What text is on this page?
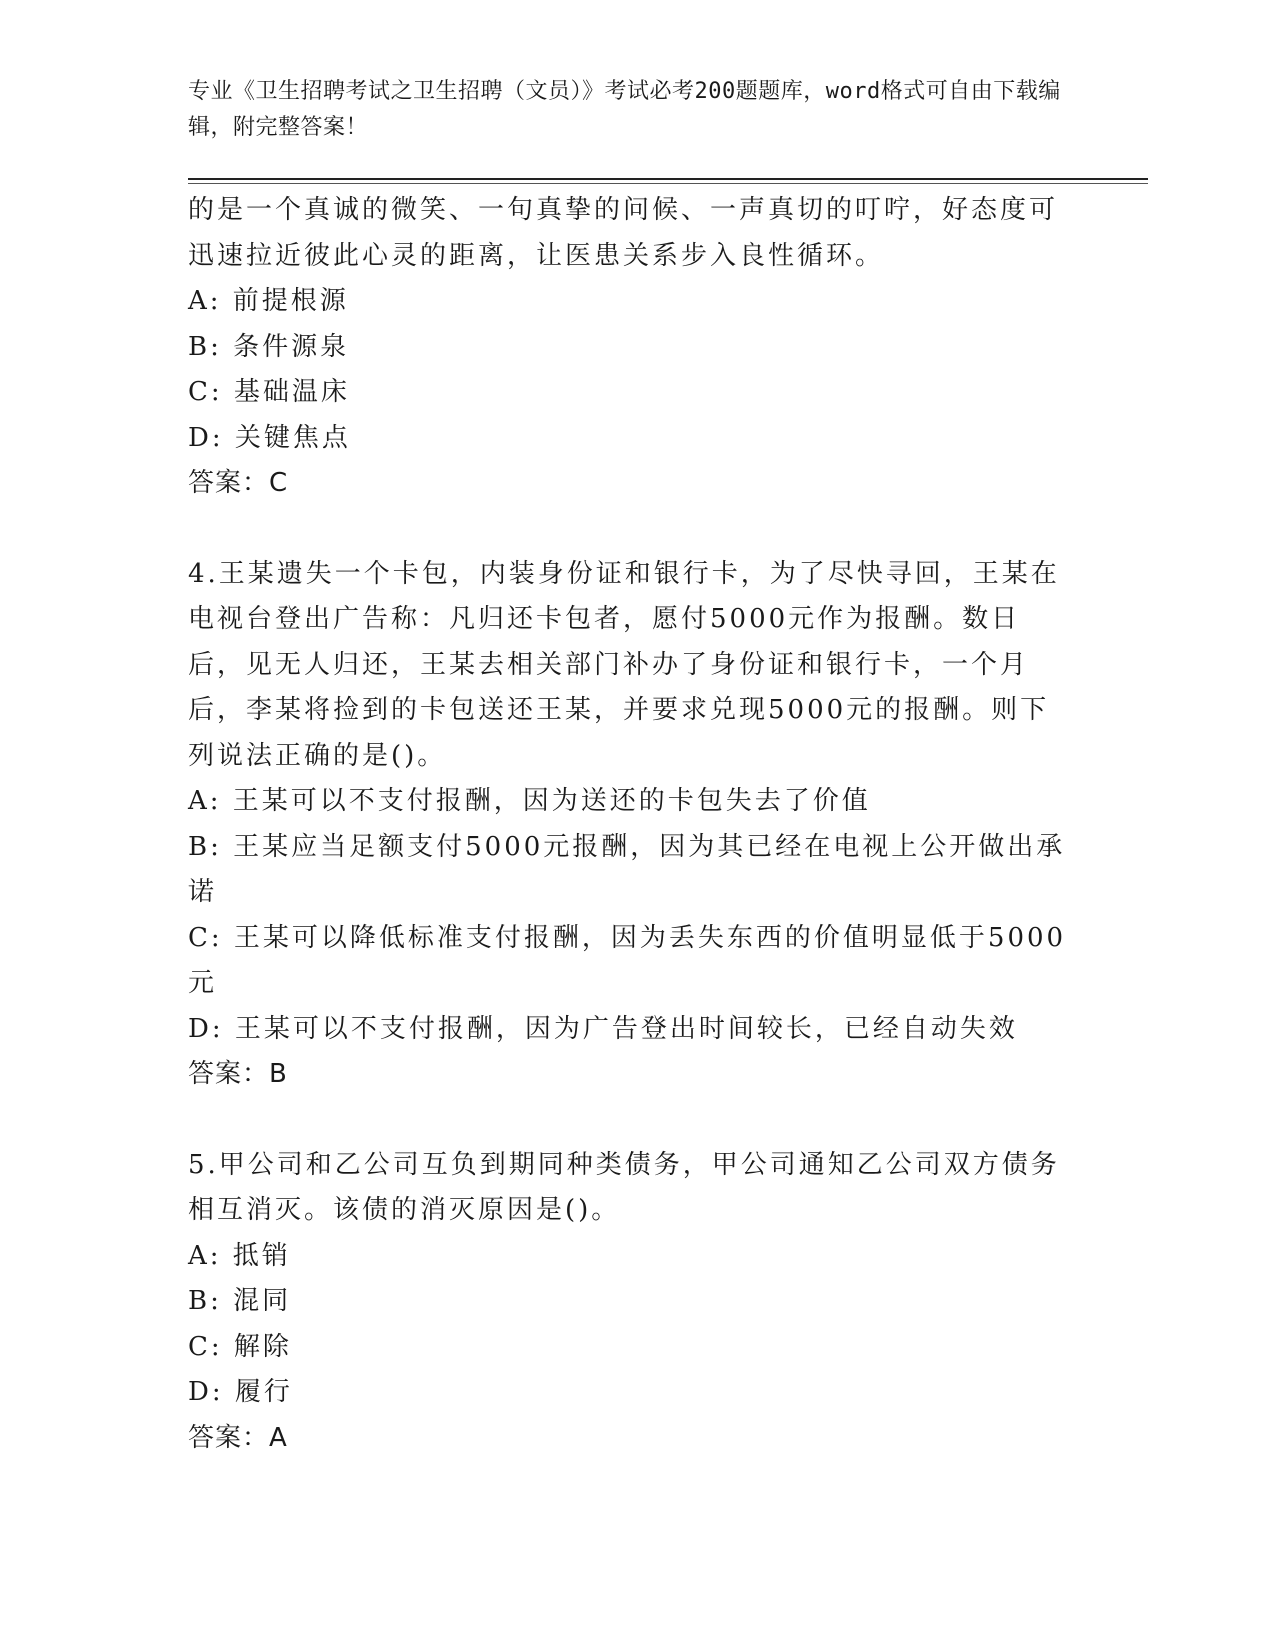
专业《卫生招聘考试之卫生招聘（文员）》考试必考200题题库，word格式可自由下载编辑，附完整答案！

的是一个真诚的微笑、一句真挚的问候、一声真切的叮咛，好态度可迅速拉近彼此心灵的距离，让医患关系步入良性循环。

A: 前提根源

B: 条件源泉

C: 基础温床

D: 关键焦点

答案：C

4.王某遗失一个卡包，内装身份证和银行卡，为了尽快寻回，王某在电视台登出广告称：凡归还卡包者，愿付5000元作为报酬。数日后，见无人归还，王某去相关部门补办了身份证和银行卡，一个月后，李某将捡到的卡包送还王某，并要求兑现5000元的报酬。则下列说法正确的是()。

A: 王某可以不支付报酬，因为送还的卡包失去了价值

B: 王某应当足额支付5000元报酬，因为其已经在电视上公开做出承诺

C: 王某可以降低标准支付报酬，因为丢失东西的价值明显低于5000元

D: 王某可以不支付报酬，因为广告登出时间较长，已经自动失效

答案：B

5.甲公司和乙公司互负到期同种类债务，甲公司通知乙公司双方债务相互消灭。该债的消灭原因是()。

A: 抵销

B: 混同

C: 解除

D: 履行

答案：A
